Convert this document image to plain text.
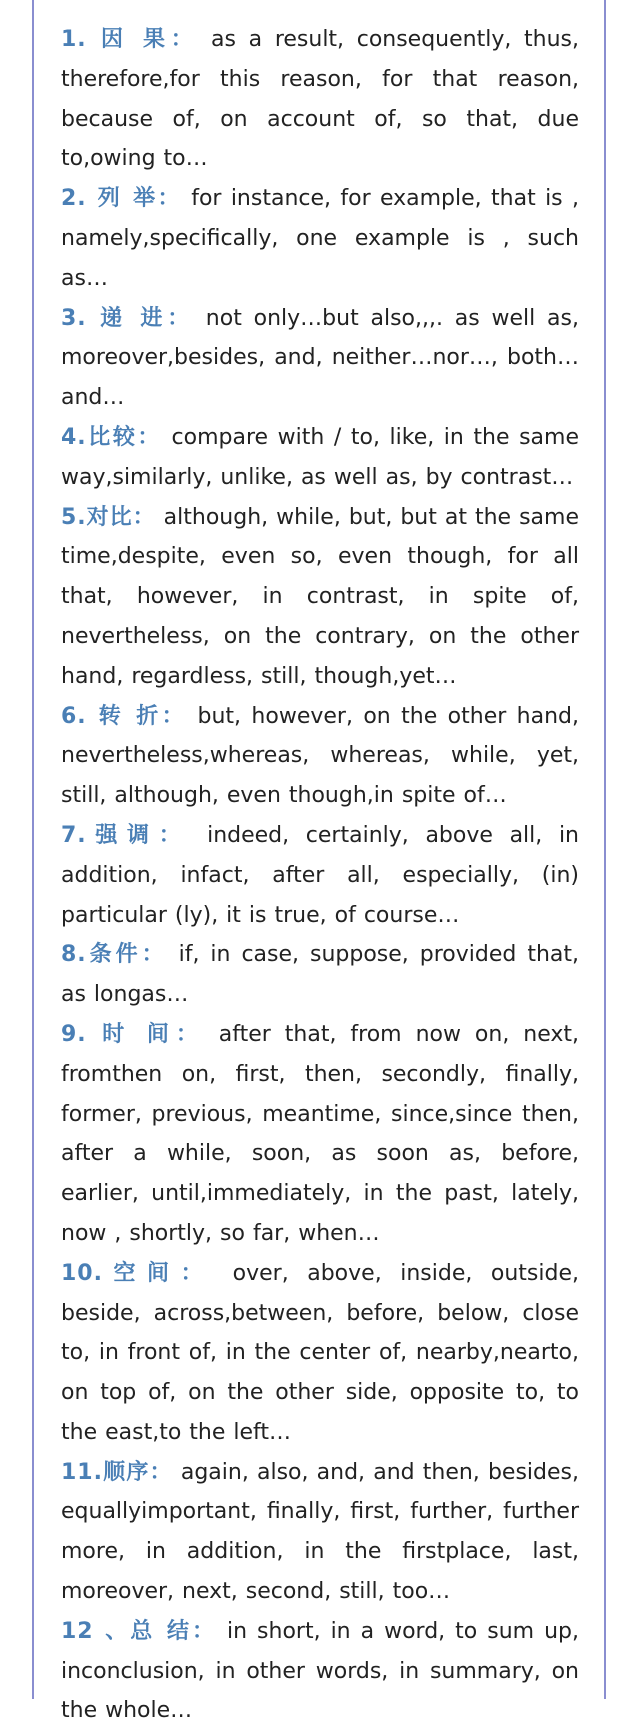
1. 因 果： as a result, consequently, thus, therefore,for this reason, for that reason, because of, on account of, so that, due to,owing to…

2. 列 举： for instance, for example, that is , namely,specifically, one example is , such as…

3. 递 进： not only…but also,,,. as well as, moreover,besides, and, neither…nor…, both… and…

4.比较： compare with / to, like, in the same way,similarly, unlike, as well as, by contrast…

5.对比： although, while, but, but at the same time,despite, even so, even though, for all that, however, in contrast, in spite of, nevertheless, on the contrary, on the other hand, regardless, still, though,yet…

6. 转 折： but, however, on the other hand, nevertheless,whereas, whereas, while, yet, still, although, even though,in spite of…

7.强调： indeed, certainly, above all, in addition, infact, after all, especially, (in) particular (ly), it is true, of course…

8.条件： if, in case, suppose, provided that, as longas…

9. 时 间： after that, from now on, next, fromthen on, first, then, secondly, finally, former, previous, meantime, since,since then, after a while, soon, as soon as, before, earlier, until,immediately, in the past, lately, now , shortly, so far, when…

10.空间： over, above, inside, outside, beside, across,between, before, below, close to, in front of, in the center of, nearby,nearto, on top of, on the other side, opposite to, to the east,to the left…

11.顺序： again, also, and, and then, besides, equallyimportant, finally, first, further, further more, in addition, in the firstplace, last, moreover, next, second, still, too…

12 、总 结： in short, in a word, to sum up, inconclusion, in other words, in summary, on the whole…
